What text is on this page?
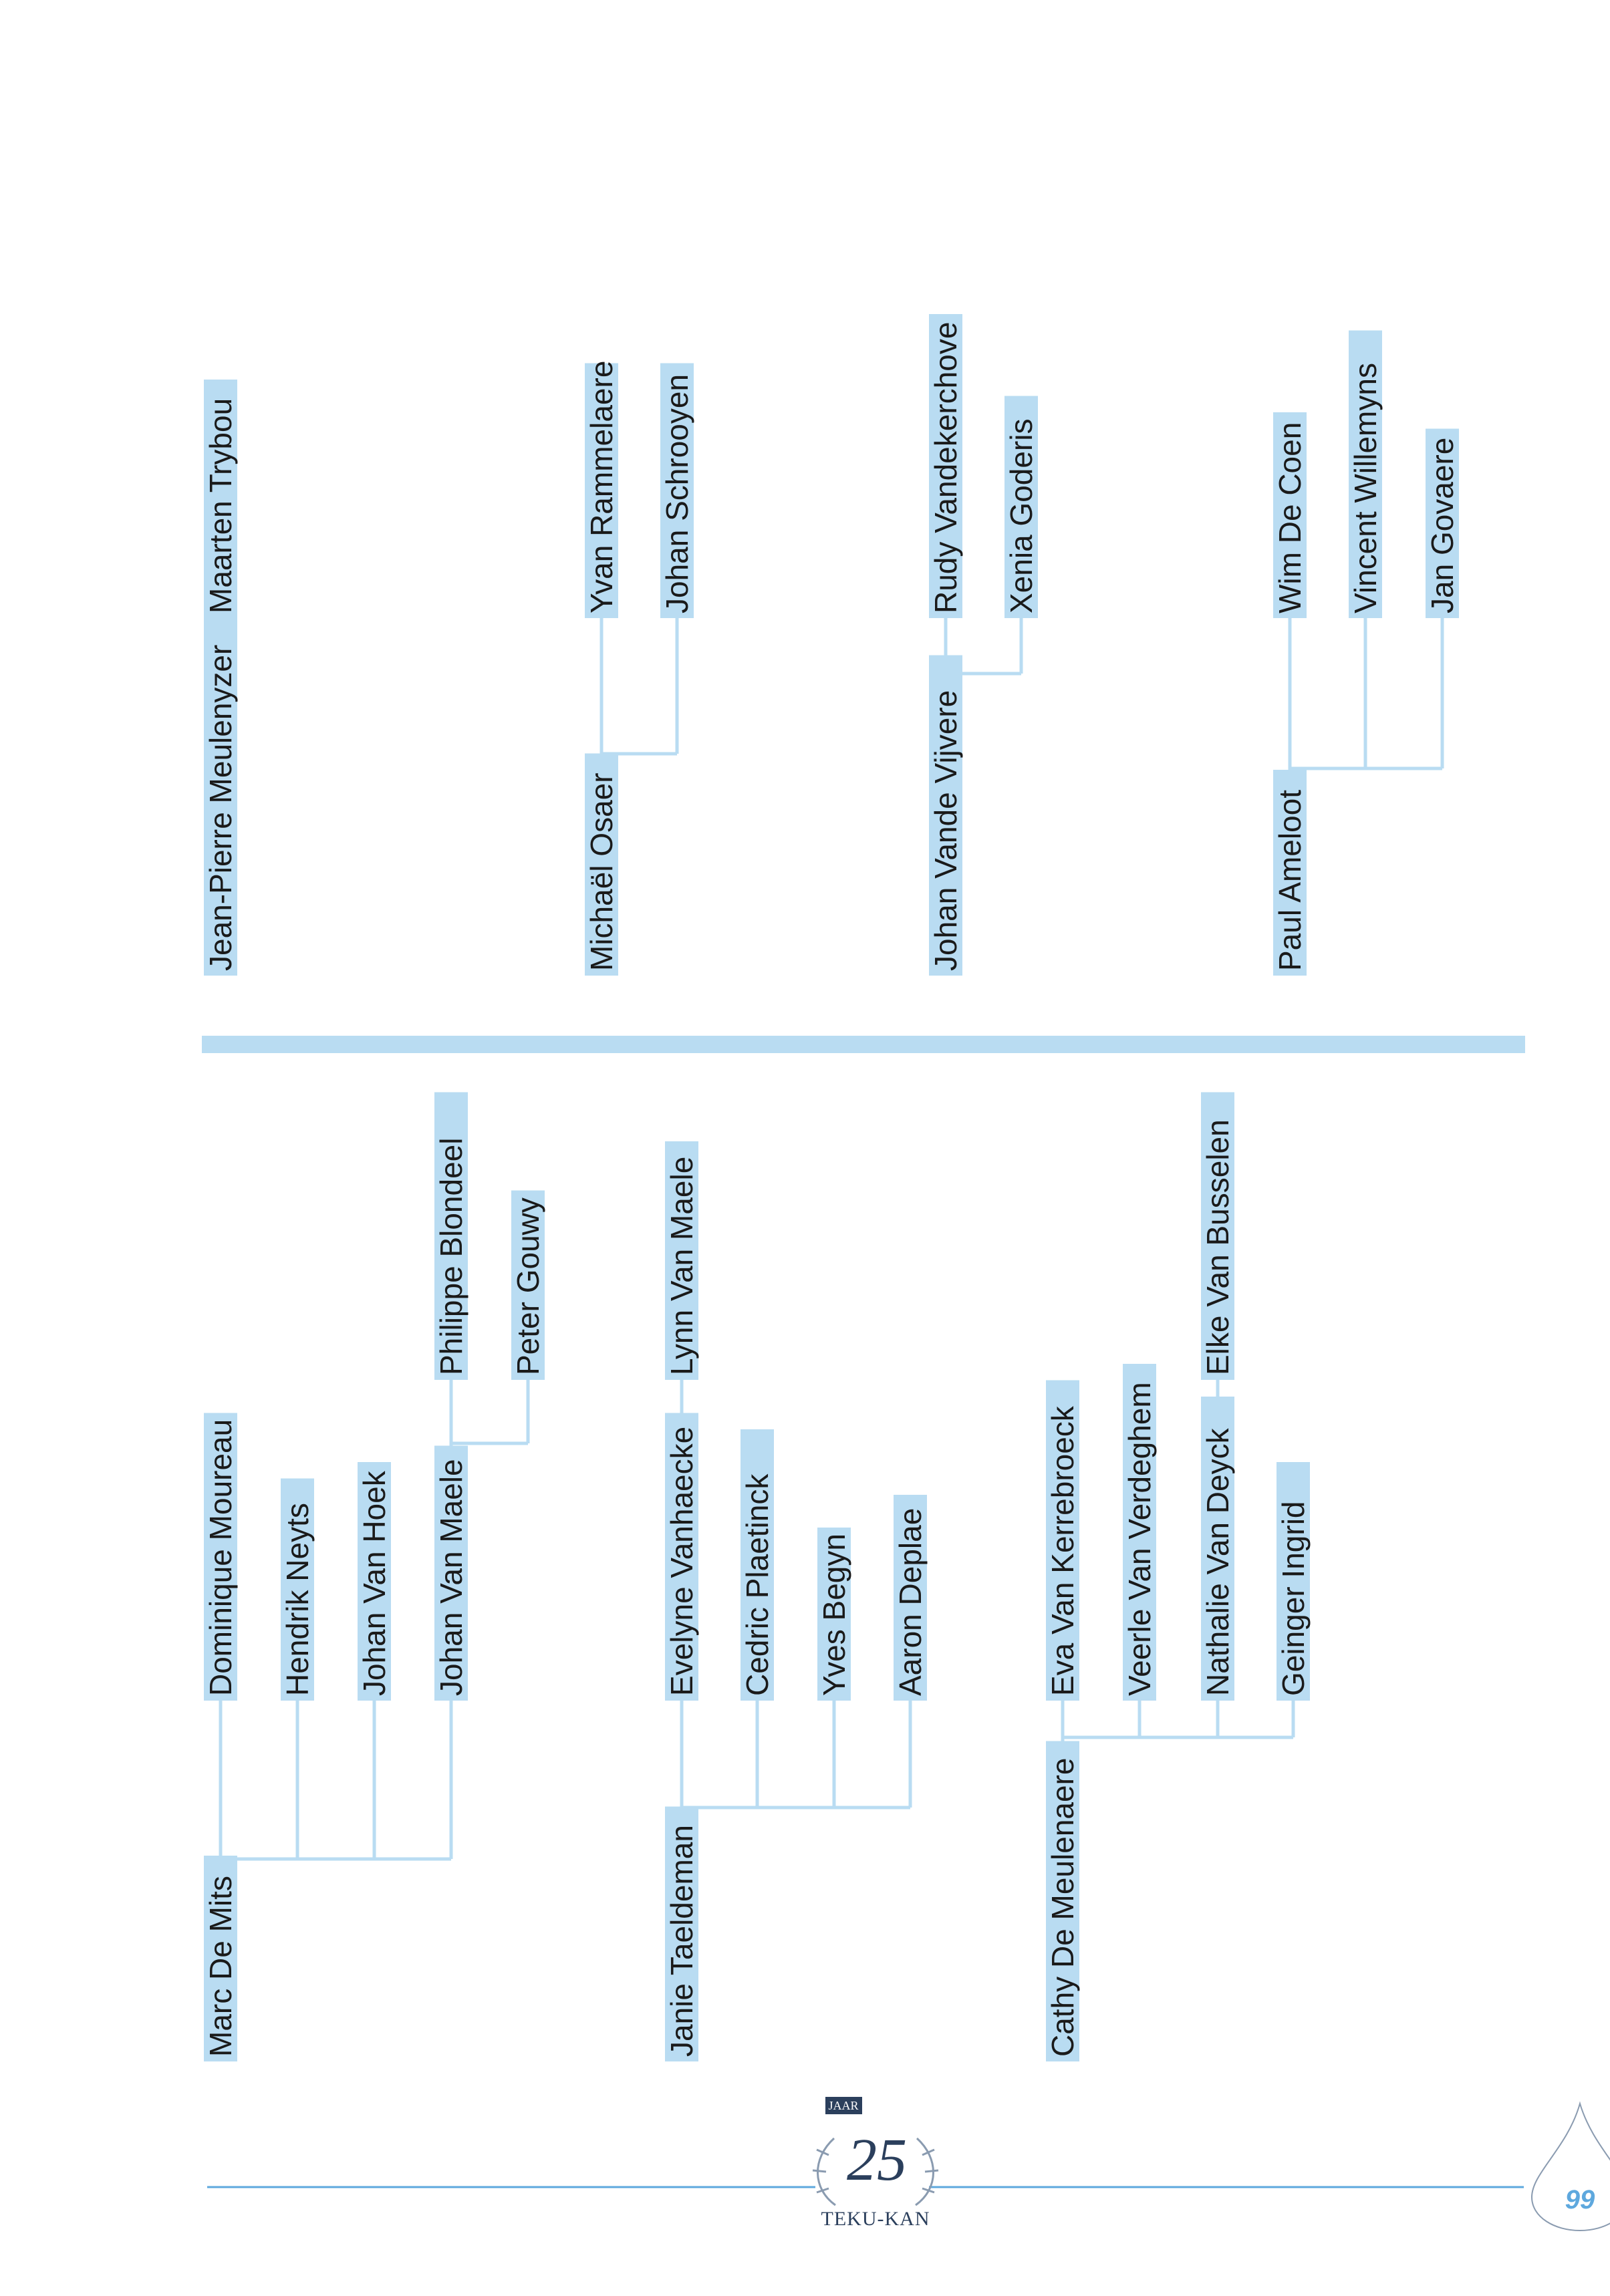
Marc De Mits
Dominique Moureau Hendrik Neyts Johan Van Hoek Johan Van Maele
Philippe Blondeel Peter Gouwy
Janie Taeldeman
Evelyne Vanhaecke Cedric Plaetinck Yves Begyn Aaron Deplae
Lynn Van Maele
Cathy De Meulenaere
Eva Van Kerrebroeck Veerle Van Verdeghem Nathalie Van Deyck Geinger Ingrid
Elke Van Busselen
Jean-Pierre Meulenyzer
Maarten Trybou
Michaël Osaer
Yvan Rammelaere Johan Schrooyen
Johan Vande Vijvere
Rudy Vandekerchove Xenia Goderis
Paul Ameloot
Wim De Coen Vincent Willemyns Jan Govaere
JAAR
25
TEKU-KAN
99
